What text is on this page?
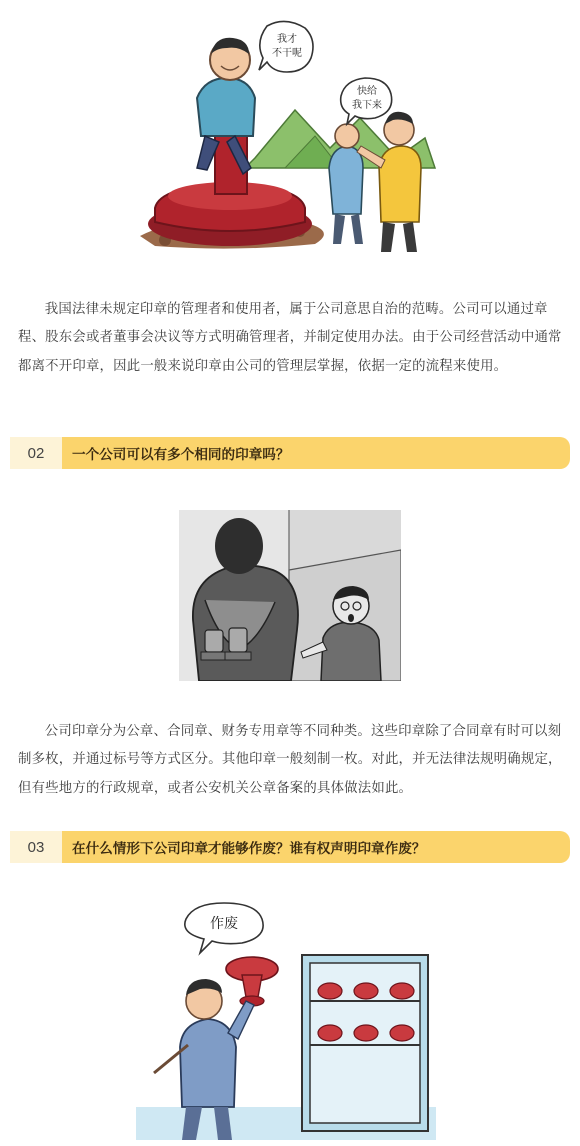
我才
不干呢
快给
我下来

我国法律未规定印章的管理者和使用者，属于公司意思自治的范畴。公司可以通过章程、股东会或者董事会决议等方式明确管理者，并制定使用办法。由于公司经营活动中通常都离不开印章，因此一般来说印章由公司的管理层掌握，依据一定的流程来使用。

02	一个公司可以有多个相同的印章吗？

公司印章分为公章、合同章、财务专用章等不同种类。这些印章除了合同章有时可以刻制多枚，并通过标号等方式区分。其他印章一般刻制一枚。对此，并无法律法规明确规定，但有些地方的行政规章，或者公安机关公章备案的具体做法如此。

03	在什么情形下公司印章才能够作废？谁有权声明印章作废？
作废
